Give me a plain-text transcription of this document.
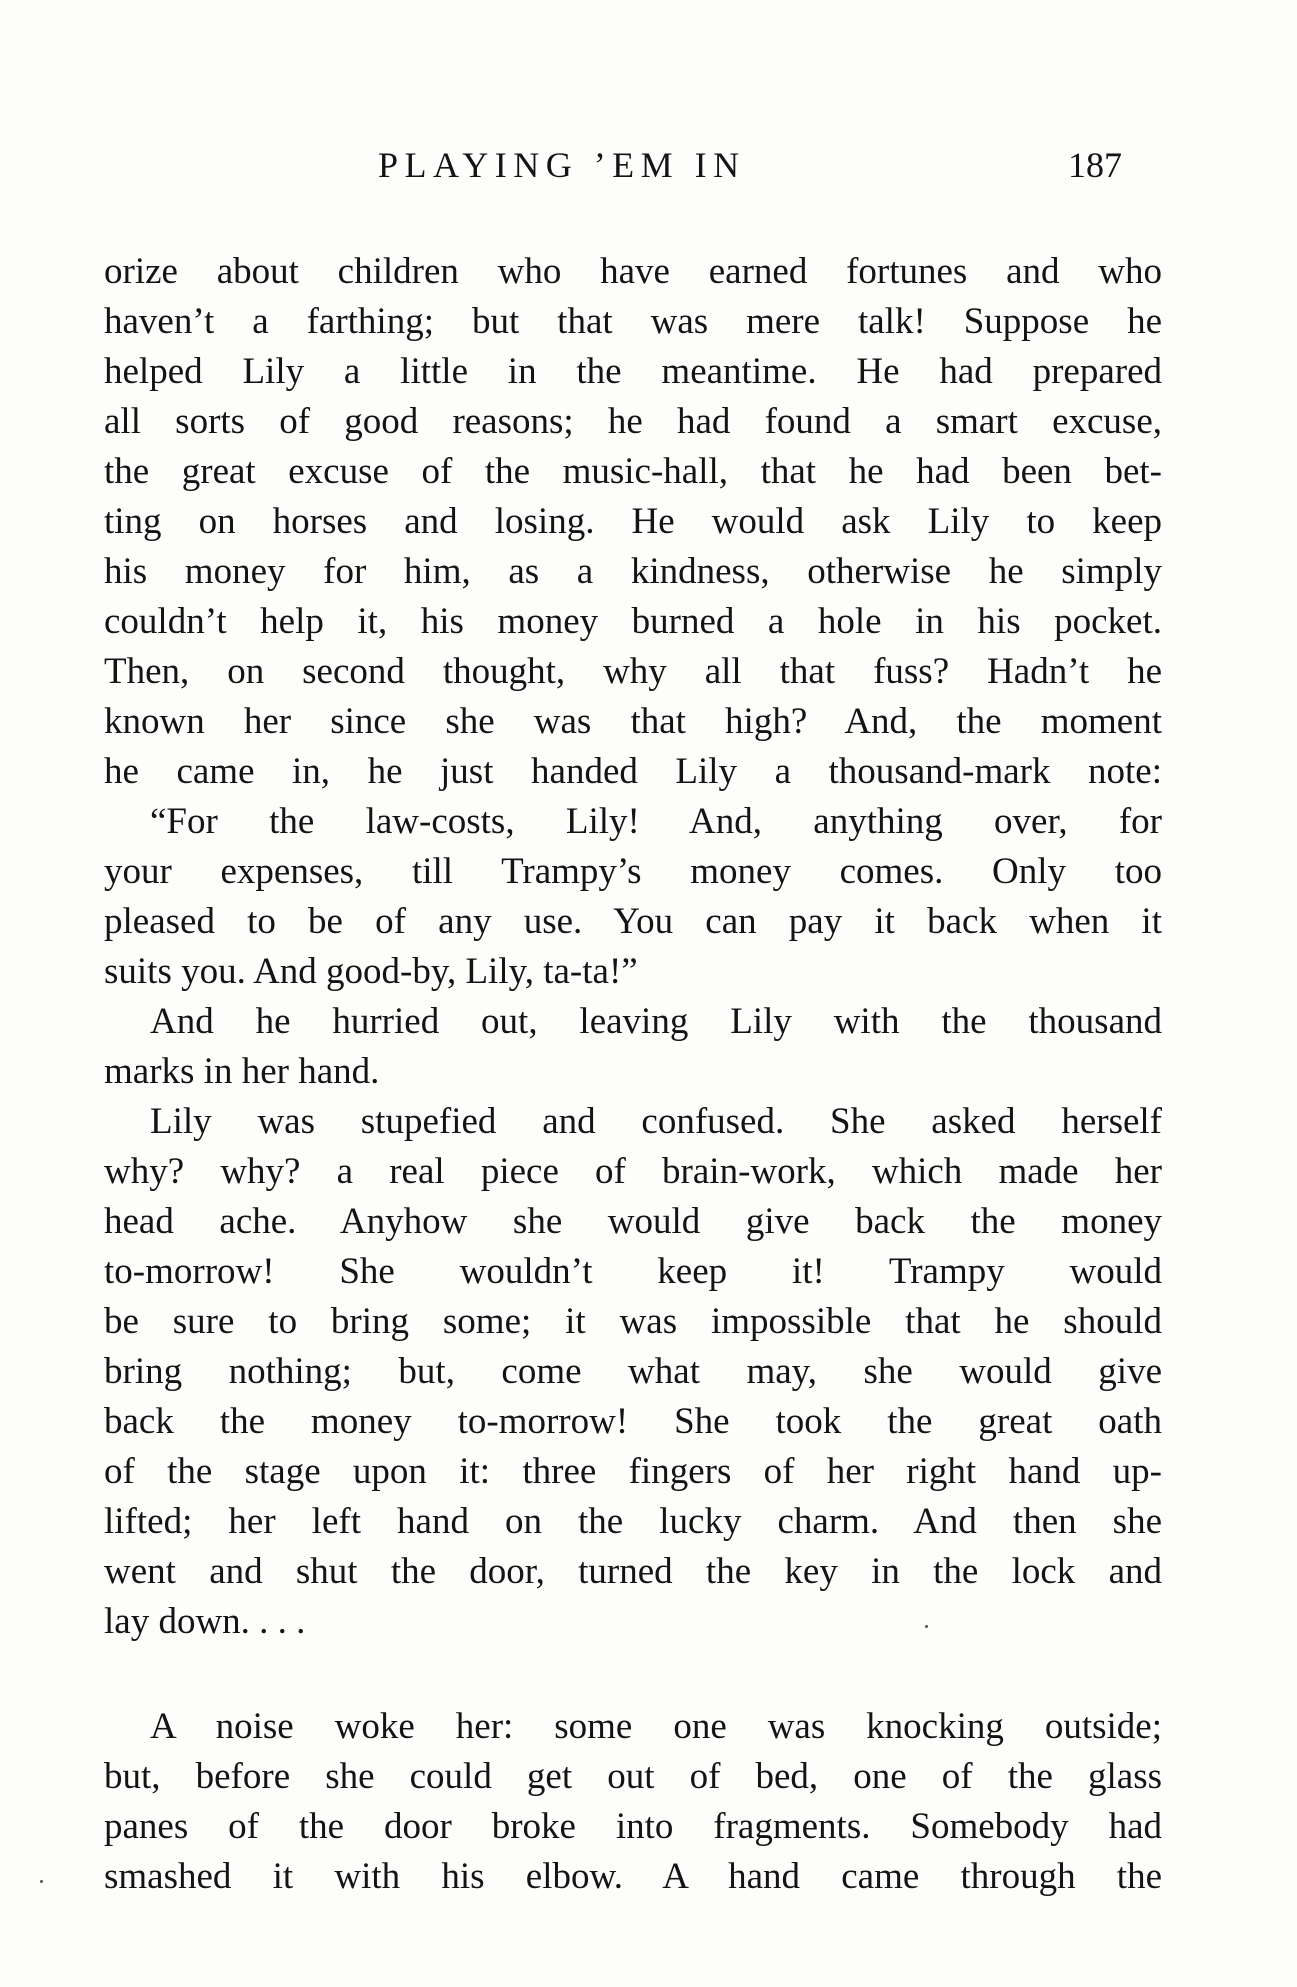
PLAYING ’EM IN	187
orize about children who have earned fortunes and who
haven’t a farthing; but that was mere talk! Suppose he
helped Lily a little in the meantime. He had prepared
all sorts of good reasons; he had found a smart excuse,
the great excuse of the music-hall, that he had been bet-
ting on horses and losing. He would ask Lily to keep
his money for him, as a kindness, otherwise he simply
couldn’t help it, his money burned a hole in his pocket.
Then, on second thought, why all that fuss? Hadn’t he
known her since she was that high? And, the moment
he came in, he just handed Lily a thousand-mark note:
“For the law-costs, Lily! And, anything over, for
your expenses, till Trampy’s money comes. Only too
pleased to be of any use. You can pay it back when it
suits you. And good-by, Lily, ta-ta!”
And he hurried out, leaving Lily with the thousand
marks in her hand.
Lily was stupefied and confused. She asked herself
why? why? a real piece of brain-work, which made her
head ache. Anyhow she would give back the money
to-morrow! She wouldn’t keep it! Trampy would
be sure to bring some; it was impossible that he should
bring nothing; but, come what may, she would give
back the money to-morrow! She took the great oath
of the stage upon it: three fingers of her right hand up-
lifted; her left hand on the lucky charm. And then she
went and shut the door, turned the key in the lock and
lay down. . . .
A noise woke her: some one was knocking outside;
but, before she could get out of bed, one of the glass
panes of the door broke into fragments. Somebody had
smashed it with his elbow. A hand came through the
